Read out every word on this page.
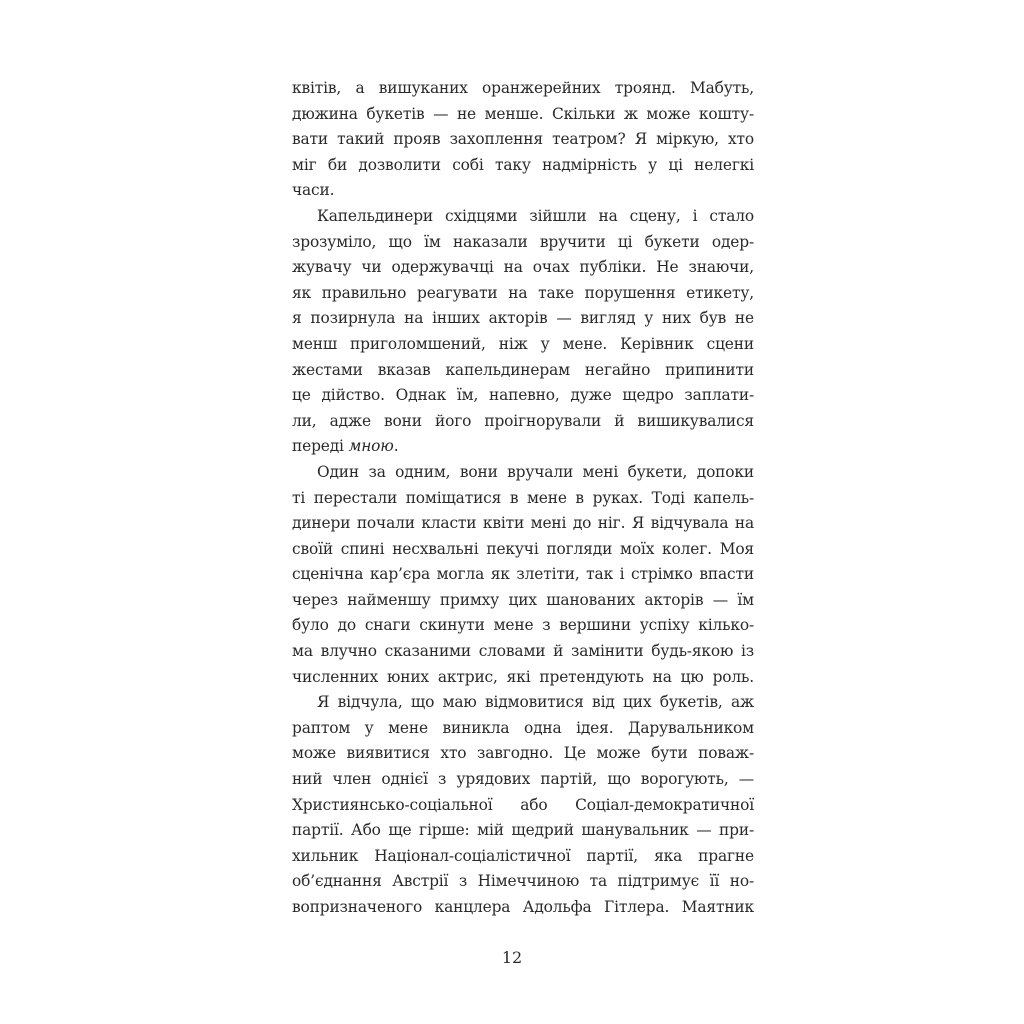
квітів, а вишуканих оранжерейних троянд. Мабуть,
дюжина букетів — не менше. Скільки ж може кошту-
вати такий прояв захоплення театром? Я міркую, хто
міг би дозволити собі таку надмірність у ці нелегкі
часи.
Капельдинери східцями зійшли на сцену, і стало
зрозуміло, що їм наказали вручити ці букети одер-
жувачу чи одержувачці на очах публіки. Не знаючи,
як правильно реагувати на таке порушення етикету,
я позирнула на інших акторів — вигляд у них був не
менш приголомшений, ніж у мене. Керівник сцени
жестами вказав капельдинерам негайно припинити
це дійство. Однак їм, напевно, дуже щедро заплати-
ли, адже вони його проігнорували й вишикувалися
переді мною.
Один за одним, вони вручали мені букети, допоки
ті перестали поміщатися в мене в руках. Тоді капель-
динери почали класти квіти мені до ніг. Я відчувала на
своїй спині несхвальні пекучі погляди моїх колег. Моя
сценічна кар’єра могла як злетіти, так і стрімко впасти
через найменшу примху цих шанованих акторів — їм
було до снаги скинути мене з вершини успіху кілько-
ма влучно сказаними словами й замінити будь-якою із
численних юних актрис, які претендують на цю роль.
Я відчула, що маю відмовитися від цих букетів, аж
раптом у мене виникла одна ідея. Дарувальником
може виявитися хто завгодно. Це може бути поваж-
ний член однієї з урядових партій, що ворогують, —
Християнсько-соціальної або Соціал-демократичної
партії. Або ще гірше: мій щедрий шанувальник — при-
хильник Націонал-соціалістичної партії, яка прагне
об’єднання Австрії з Німеччиною та підтримує її но-
вопризначеного канцлера Адольфа Гітлера. Маятник
12
